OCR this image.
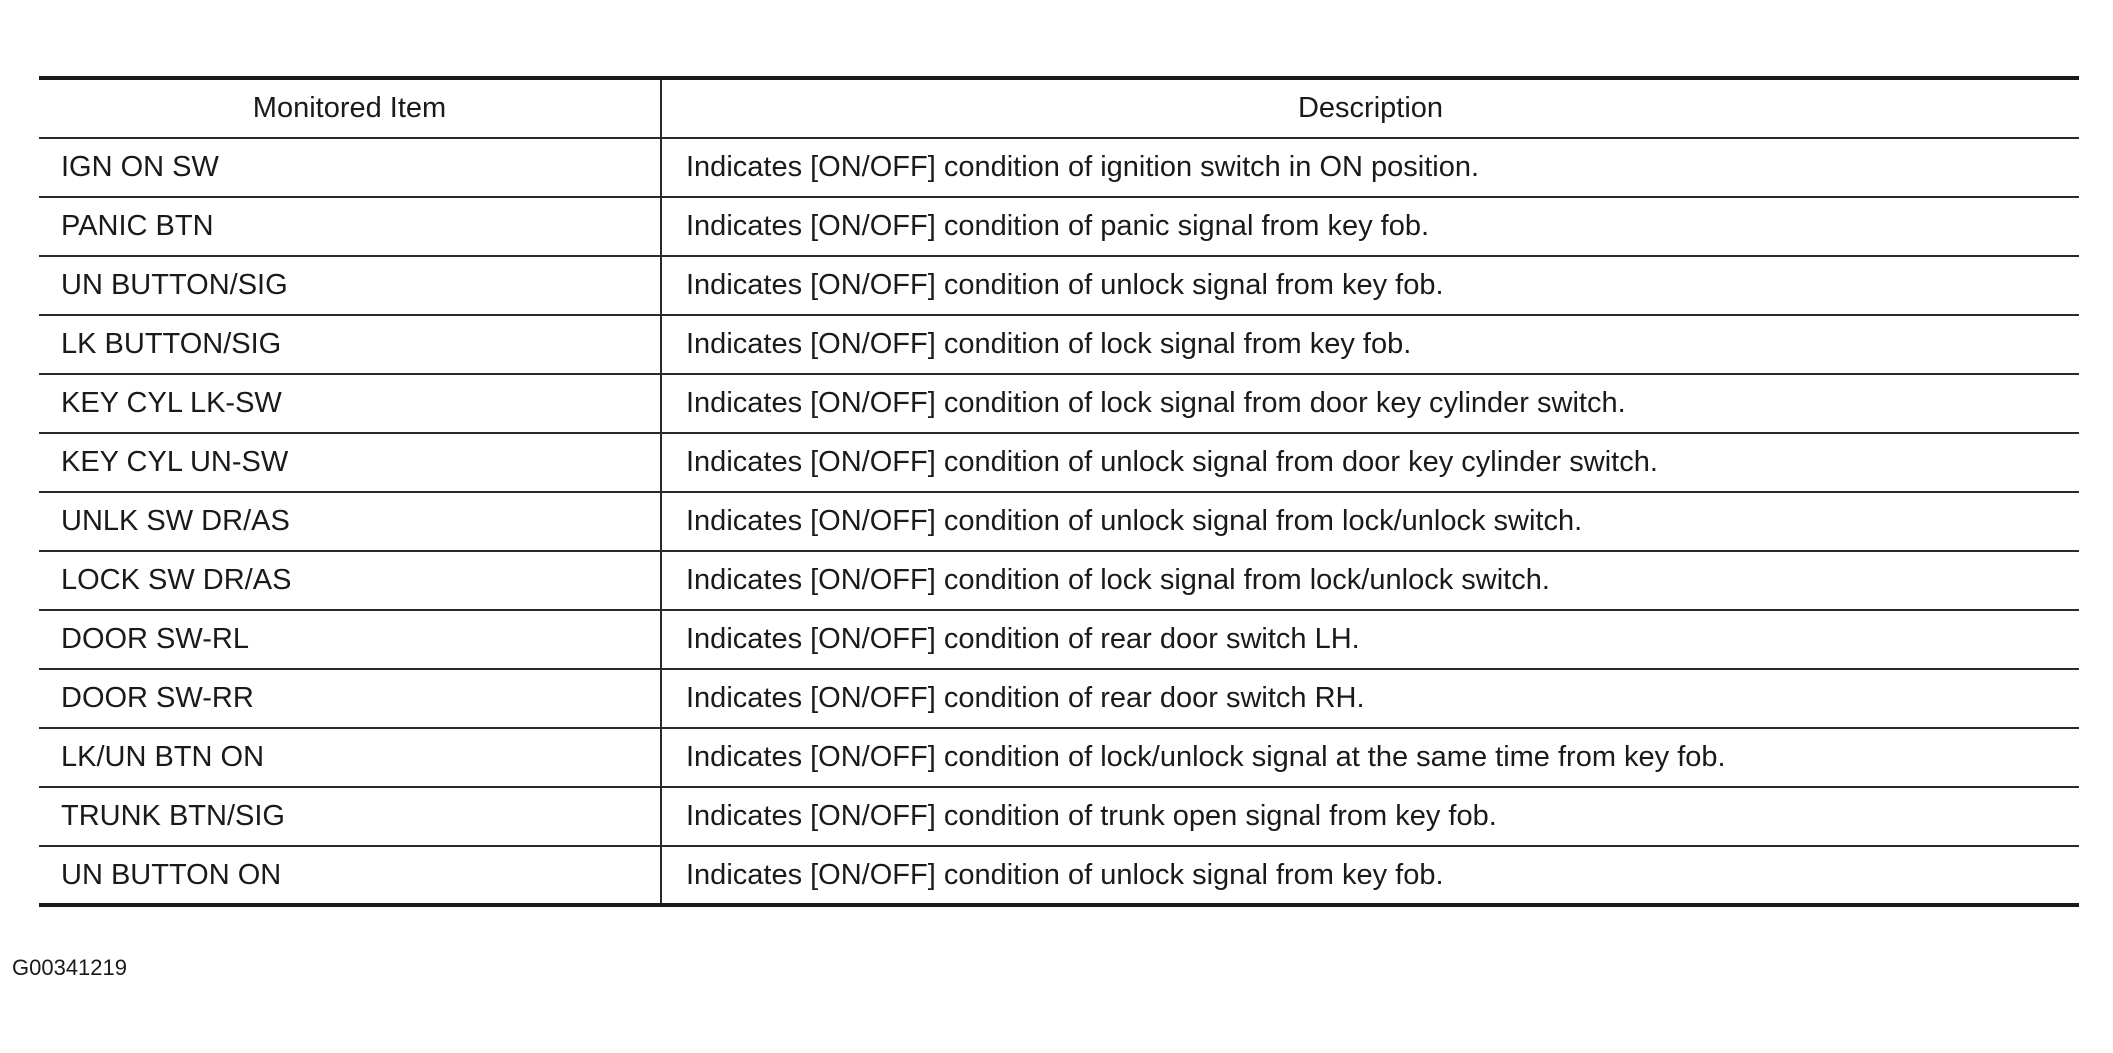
Monitored Item	Description
IGN ON SW	Indicates [ON/OFF] condition of ignition switch in ON position.
PANIC BTN	Indicates [ON/OFF] condition of panic signal from key fob.
UN BUTTON/SIG	Indicates [ON/OFF] condition of unlock signal from key fob.
LK BUTTON/SIG	Indicates [ON/OFF] condition of lock signal from key fob.
KEY CYL LK-SW	Indicates [ON/OFF] condition of lock signal from door key cylinder switch.
KEY CYL UN-SW	Indicates [ON/OFF] condition of unlock signal from door key cylinder switch.
UNLK SW DR/AS	Indicates [ON/OFF] condition of unlock signal from lock/unlock switch.
LOCK SW DR/AS	Indicates [ON/OFF] condition of lock signal from lock/unlock switch.
DOOR SW-RL	Indicates [ON/OFF] condition of rear door switch LH.
DOOR SW-RR	Indicates [ON/OFF] condition of rear door switch RH.
LK/UN BTN ON	Indicates [ON/OFF] condition of lock/unlock signal at the same time from key fob.
TRUNK BTN/SIG	Indicates [ON/OFF] condition of trunk open signal from key fob.
UN BUTTON ON	Indicates [ON/OFF] condition of unlock signal from key fob.
G00341219
